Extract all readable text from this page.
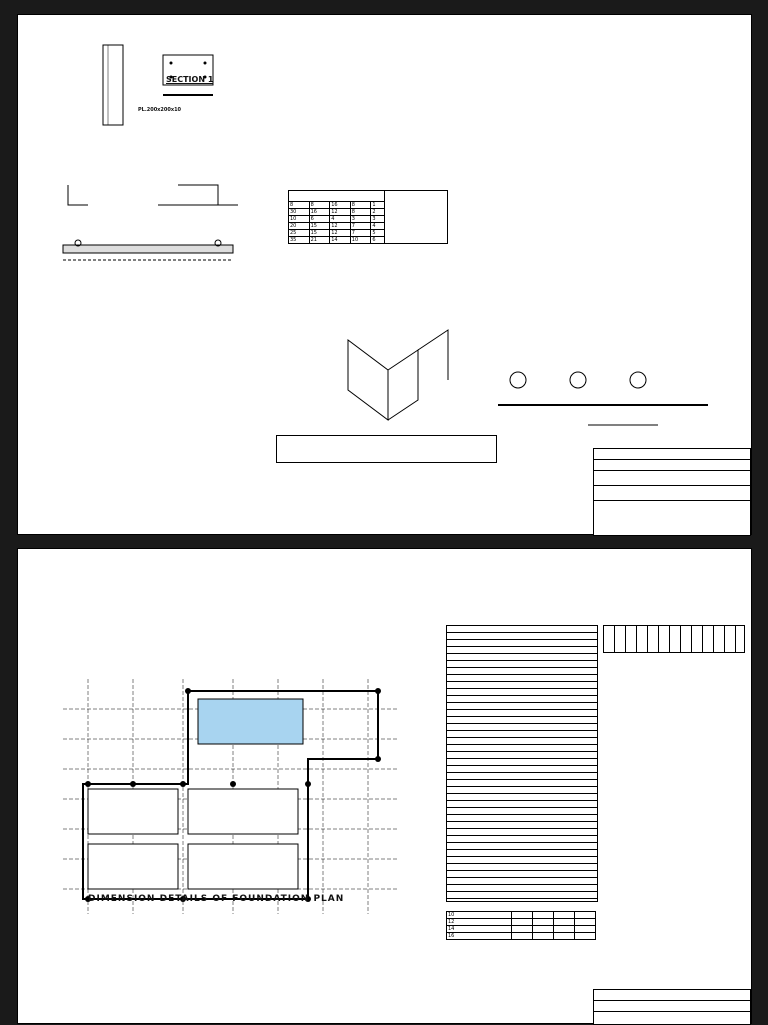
SECTION 1
PL.200x200x10

8	8	16	8	1	
30	16	12	8	2	
10	6	4	3	3	
20	15	12	7	4	
25	15	12	7	5	
35	21	14	10	6	
DIMENSION DETAILS OF FOUNDATION PLAN
10				
12				
14				
16				
